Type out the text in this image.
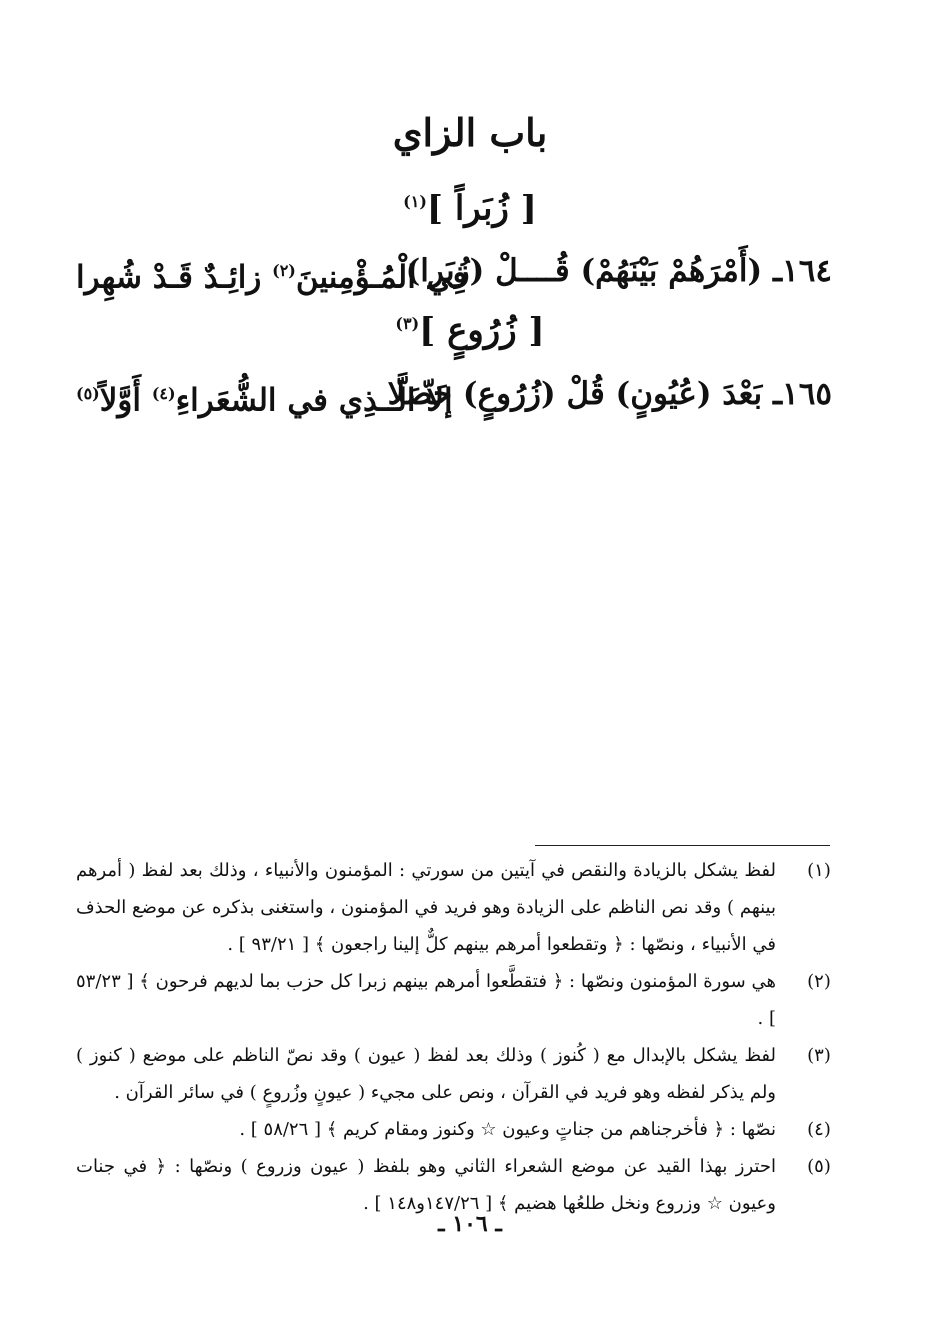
باب الزاي
[ زُبَراً ]$^{(١)}$
١٦٤ـ (أَمْرَهُمْ بَيْنَهُمْ) قُــــلْ (زُبَرا)
فِي الْمُـؤْمِنينَ$^{(٢)}$ زائِـدٌ قَـدْ شُهِرا
[ زُرُوعٍ ]$^{(٣)}$
١٦٥ـ بَعْدَ (عُيُونٍ) قُلْ (زُرُوعٍ) حَصَلا
إلاّ الَّــذِي في الشُّعَراءِ$^{(٤)}$ أَوَّلاً$^{(٥)}$
(١)
لفظ يشكل بالزيادة والنقص في آيتين من سورتي : المؤمنون والأنبياء ، وذلك بعد لفظ ( أمرهم بينهم ) وقد نص الناظم على الزيادة وهو فريد في المؤمنون ، واستغنى بذكره عن موضع الحذف في الأنبياء ، ونصّها : ﴿ وتقطعوا أمرهم بينهم كلٌّ إلينا راجعون ﴾ [ ٩٣/٢١ ] .
(٢)
هي سورة المؤمنون ونصّها : ﴿ فتقطَّعوا أمرهم بينهم زبرا كل حزب بما لديهم فرحون ﴾ [ ٥٣/٢٣ ] .
(٣)
لفظ يشكل بالإبدال مع ( كُنوز ) وذلك بعد لفظ ( عيون ) وقد نصّ الناظم على موضع ( كنوز ) ولم يذكر لفظه وهو فريد في القرآن ، ونص على مجيء ( عيونٍ وزُروعٍ ) في سائر القرآن .
(٤)
نصّها : ﴿ فأخرجناهم من جناتٍ وعيون ☆ وكنوز ومقام كريم ﴾ [ ٥٨/٢٦ ] .
(٥)
احترز بهذا القيد عن موضع الشعراء الثاني وهو بلفظ ( عيون وزروع ) ونصّها : ﴿ في جنات وعيون ☆ وزروع ونخل طلعُها هضيم ﴾ [ ١٤٧/٢٦و١٤٨ ] .
ـ ١٠٦ ـ
